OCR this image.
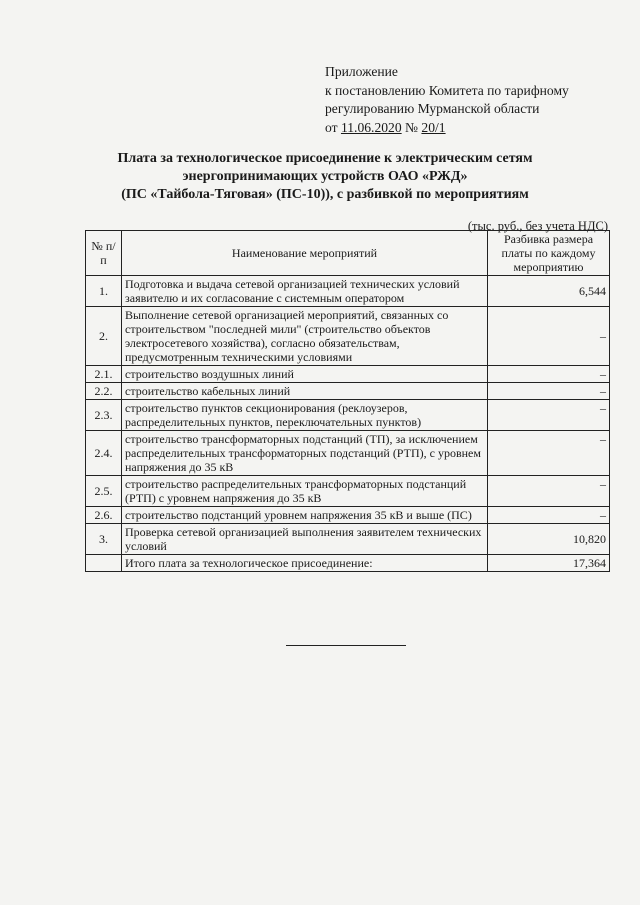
Приложение
к постановлению Комитета по тарифному
регулированию Мурманской области
от 11.06.2020 № 20/1
Плата за технологическое присоединение к электрическим сетям
энергопринимающих устройств ОАО «РЖД»
(ПС «Тайбола-Тяговая» (ПС-10)), с разбивкой по мероприятиям
(тыс. руб., без учета НДС)
№ п/п	Наименование мероприятий	Разбивка размера платы по каждому мероприятию
1.	Подготовка и выдача сетевой организацией технических условий заявителю и их согласование с системным оператором	6,544
2.	Выполнение сетевой организацией мероприятий, связанных со строительством "последней мили" (строительство объектов электросетевого хозяйства), согласно обязательствам, предусмотренным техническими условиями	–
2.1.	строительство воздушных линий	–
2.2.	строительство кабельных линий	–
2.3.	строительство пунктов секционирования (реклоузеров, распределительных пунктов, переключательных пунктов)	–
2.4.	строительство трансформаторных подстанций (ТП), за исключением распределительных трансформаторных подстанций (РТП), с уровнем напряжения до 35 кВ	–
2.5.	строительство распределительных трансформаторных подстанций (РТП) с уровнем напряжения до 35 кВ	–
2.6.	строительство подстанций уровнем напряжения 35 кВ и выше (ПС)	–
3.	Проверка сетевой организацией выполнения заявителем технических условий	10,820
	Итого плата за технологическое присоединение:	17,364
